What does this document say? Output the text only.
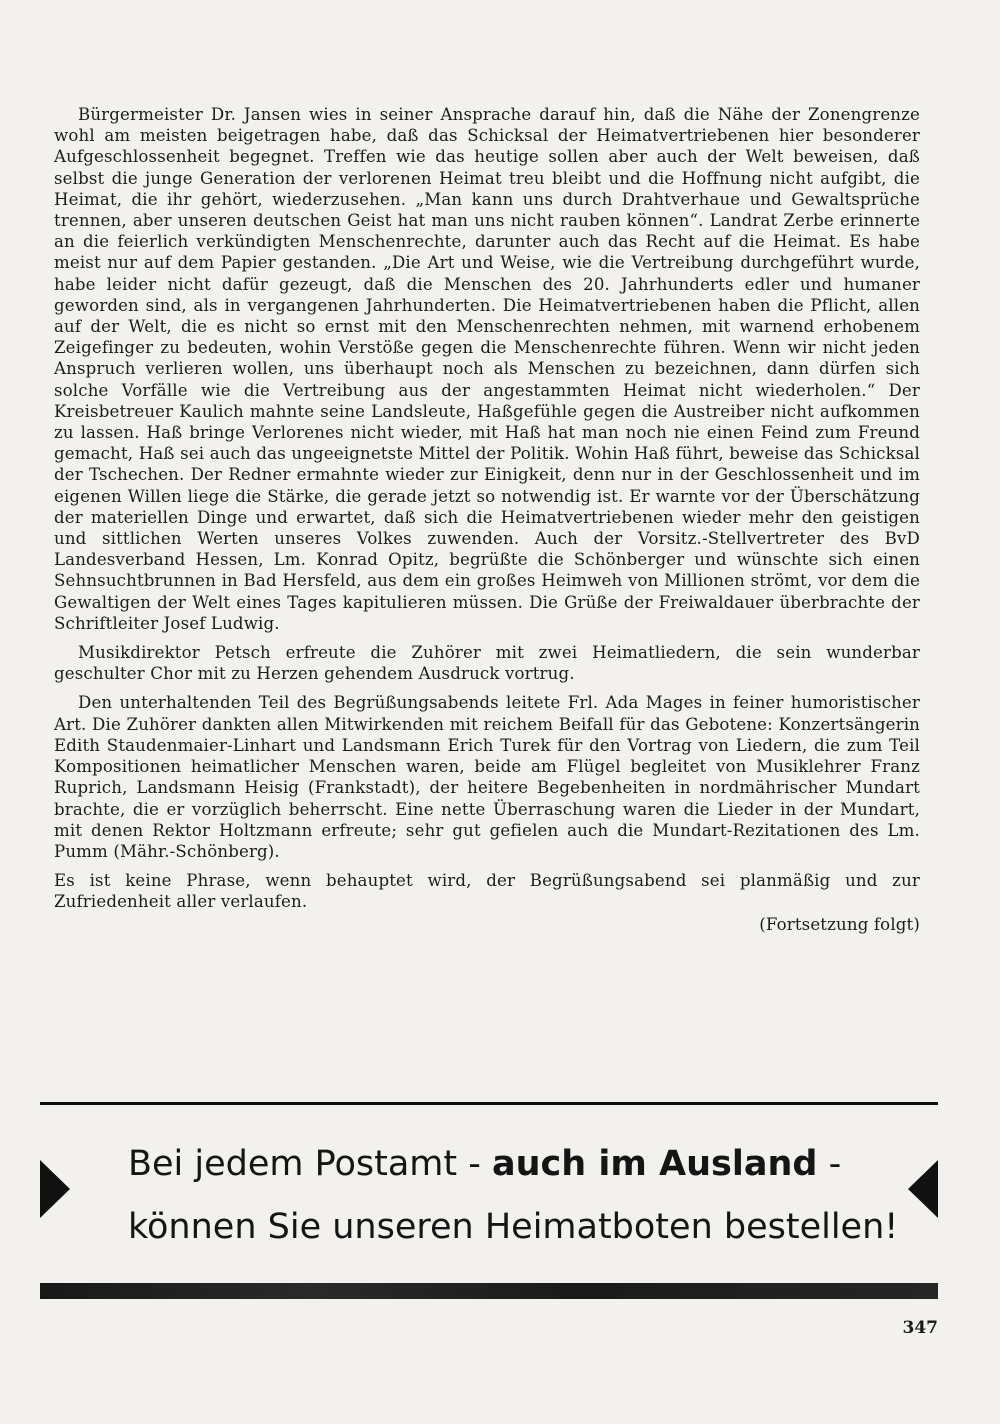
Bürgermeister Dr. Jansen wies in seiner Ansprache darauf hin, daß die Nähe der Zonengrenze wohl am meisten beigetragen habe, daß das Schicksal der Heimatvertriebenen hier besonderer Aufgeschlossenheit begegnet. Treffen wie das heutige sollen aber auch der Welt beweisen, daß selbst die junge Generation der verlorenen Heimat treu bleibt und die Hoffnung nicht aufgibt, die Heimat, die ihr gehört, wiederzusehen. „Man kann uns durch Drahtverhaue und Gewaltsprüche trennen, aber unseren deutschen Geist hat man uns nicht rauben können“. Landrat Zerbe erinnerte an die feierlich verkündigten Menschenrechte, darunter auch das Recht auf die Heimat. Es habe meist nur auf dem Papier gestanden. „Die Art und Weise, wie die Vertreibung durchgeführt wurde, habe leider nicht dafür gezeugt, daß die Menschen des 20. Jahrhunderts edler und humaner geworden sind, als in vergangenen Jahrhunderten. Die Heimatvertriebenen haben die Pflicht, allen auf der Welt, die es nicht so ernst mit den Menschenrechten nehmen, mit warnend erhobenem Zeigefinger zu bedeuten, wohin Verstöße gegen die Menschenrechte führen. Wenn wir nicht jeden Anspruch verlieren wollen, uns überhaupt noch als Menschen zu bezeichnen, dann dürfen sich solche Vorfälle wie die Vertreibung aus der angestammten Heimat nicht wiederholen.“ Der Kreisbetreuer Kaulich mahnte seine Landsleute, Haßgefühle gegen die Austreiber nicht aufkommen zu lassen. Haß bringe Verlorenes nicht wieder, mit Haß hat man noch nie einen Feind zum Freund gemacht, Haß sei auch das ungeeignetste Mittel der Politik. Wohin Haß führt, beweise das Schicksal der Tschechen. Der Redner ermahnte wieder zur Einigkeit, denn nur in der Geschlossenheit und im eigenen Willen liege die Stärke, die gerade jetzt so notwendig ist. Er warnte vor der Überschätzung der materiellen Dinge und erwartet, daß sich die Heimatvertriebenen wieder mehr den geistigen und sittlichen Werten unseres Volkes zuwenden. Auch der Vorsitz.-Stellvertreter des BvD Landesverband Hessen, Lm. Konrad Opitz, begrüßte die Schönberger und wünschte sich einen Sehnsuchtbrunnen in Bad Hersfeld, aus dem ein großes Heimweh von Millionen strömt, vor dem die Gewaltigen der Welt eines Tages kapitulieren müssen. Die Grüße der Freiwaldauer überbrachte der Schriftleiter Josef Ludwig.

Musikdirektor Petsch erfreute die Zuhörer mit zwei Heimatliedern, die sein wunderbar geschulter Chor mit zu Herzen gehendem Ausdruck vortrug.

Den unterhaltenden Teil des Begrüßungsabends leitete Frl. Ada Mages in feiner humoristischer Art. Die Zuhörer dankten allen Mitwirkenden mit reichem Beifall für das Gebotene: Konzertsängerin Edith Staudenmaier-Linhart und Landsmann Erich Turek für den Vortrag von Liedern, die zum Teil Kompositionen heimatlicher Menschen waren, beide am Flügel begleitet von Musiklehrer Franz Ruprich, Landsmann Heisig (Frankstadt), der heitere Begebenheiten in nordmährischer Mundart brachte, die er vorzüglich beherrscht. Eine nette Überraschung waren die Lieder in der Mundart, mit denen Rektor Holtzmann erfreute; sehr gut gefielen auch die Mundart-Rezitationen des Lm. Pumm (Mähr.-Schönberg).

Es ist keine Phrase, wenn behauptet wird, der Begrüßungsabend sei planmäßig und zur Zufriedenheit aller verlaufen.

(Fortsetzung folgt)

Bei jedem Postamt - auch im Ausland -
können Sie unseren Heimatboten bestellen!
347
